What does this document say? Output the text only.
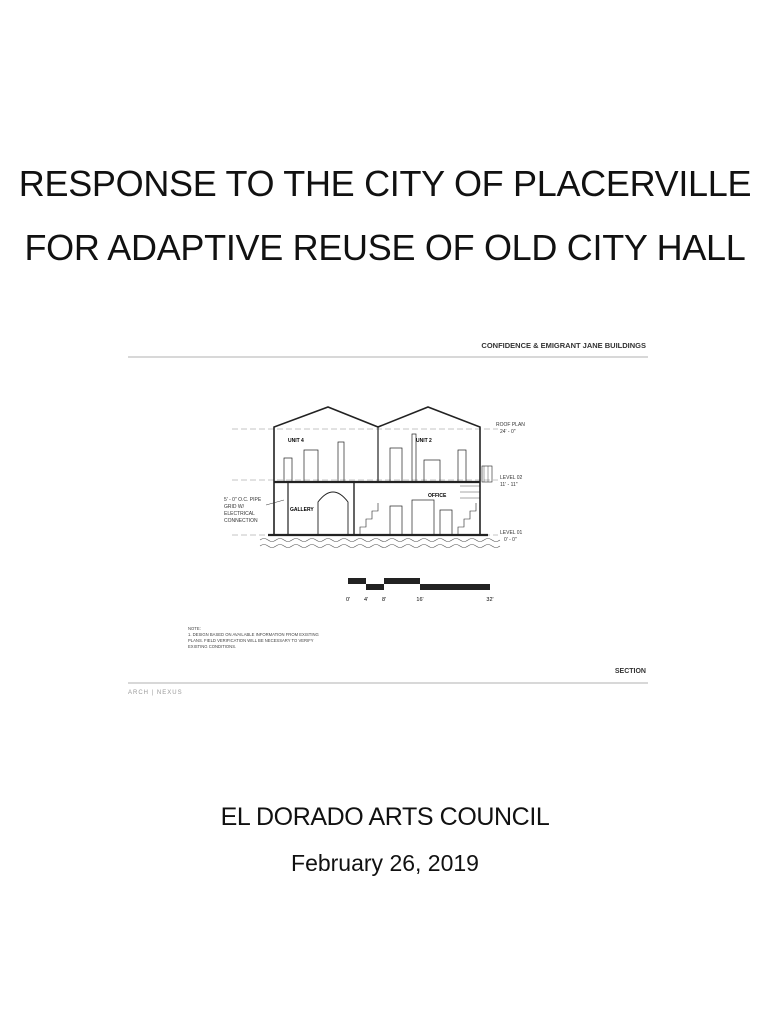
RESPONSE TO THE CITY OF PLACERVILLE
FOR ADAPTIVE REUSE OF OLD CITY HALL
CONFIDENCE & EMIGRANT JANE BUILDINGS
UNIT 4	UNIT 2
GALLERY
OFFICE
ROOF PLAN
24' - 0"
LEVEL 02
11' - 11"
LEVEL 01
0' - 0"
5' - 0" O.C. PIPE
GRID W/
ELECTRICAL
CONNECTION
0'	4'	8'	16'	32'
NOTE:
1. DESIGN BASED ON AVAILABLE INFORMATION FROM EXISTING
PLANS. FIELD VERIFICATION WILL BE NECESSARY TO VERIFY
EXISTING CONDITIONS.
SECTION
ARCH | NEXUS
EL DORADO ARTS COUNCIL
February 26, 2019
